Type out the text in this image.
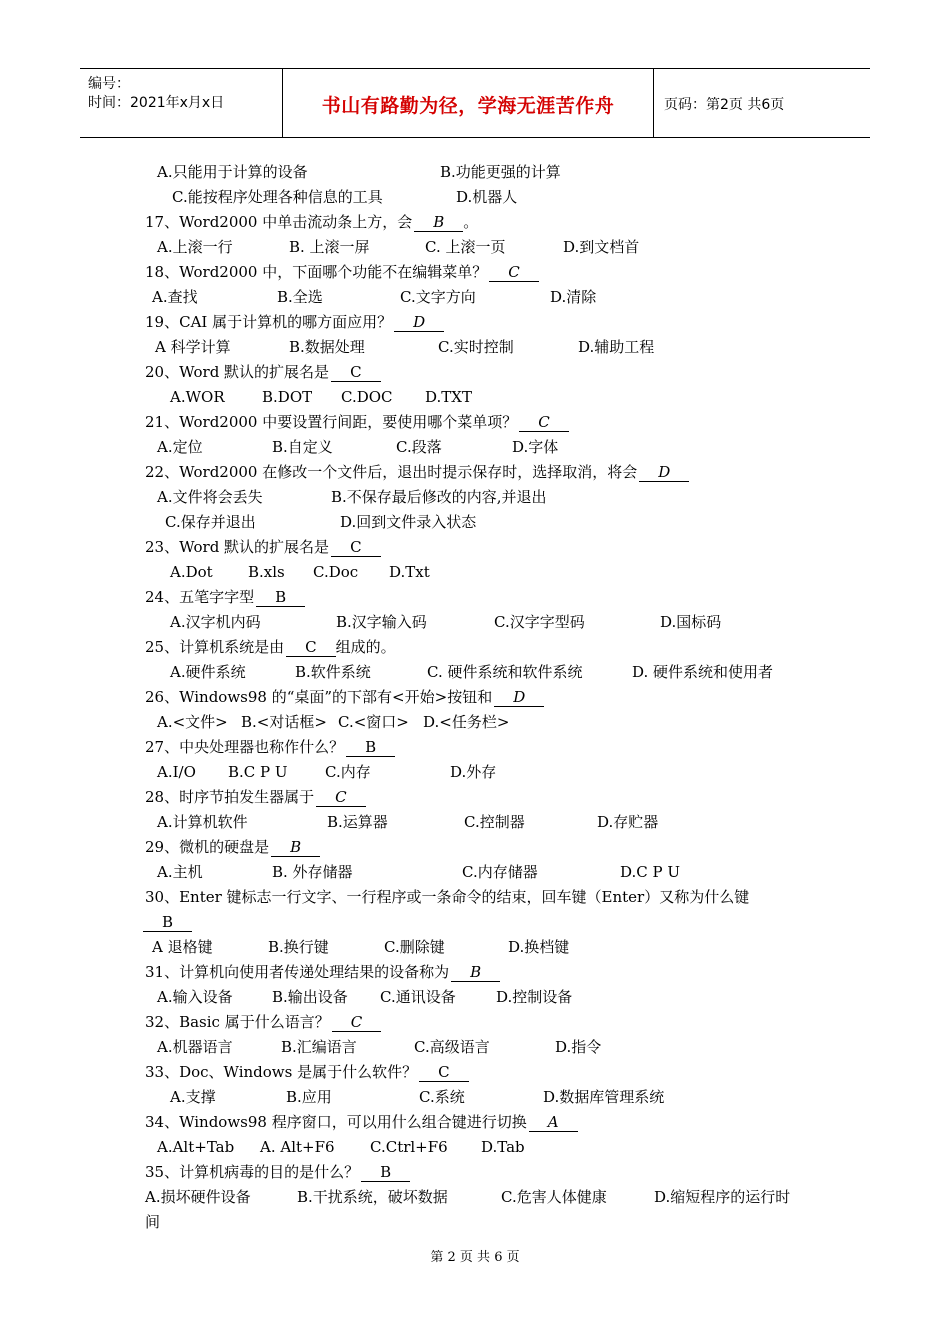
编号：
时间：2021年x月x日	书山有路勤为径，学海无涯苦作舟	页码：第2页 共6页
A.只能用于计算的设备	B.功能更强的计算
C.能按程序处理各种信息的工具	D.机器人
17、Word2000 中单击流动条上方，会  B  。
A.上滚一行	B. 上滚一屏	C. 上滚一页	D.到文档首
18、Word2000 中，下面哪个功能不在编辑菜单？  C  
A.查找	B.全选	C.文字方向	D.清除
19、CAI 属于计算机的哪方面应用？  D  
A 科学计算	B.数据处理	C.实时控制	D.辅助工程
20、Word 默认的扩展名是  C  
A.WOR B.DOT C.DOC D.TXT
21、Word2000 中要设置行间距，要使用哪个菜单项？  C  
A.定位	B.自定义	C.段落	D.字体
22、Word2000 在修改一个文件后，退出时提示保存时，选择取消，将会  D  
A.文件将会丢失	B.不保存最后修改的内容,并退出
C.保存并退出	D.回到文件录入状态
23、Word 默认的扩展名是  C  
A.Dot B.xls C.Doc D.Txt
24、五笔字字型  B  
A.汉字机内码	B.汉字输入码	C.汉字字型码	D.国标码
25、计算机系统是由  C  组成的。
A.硬件系统	B.软件系统	C. 硬件系统和软件系统	D. 硬件系统和使用者
26、Windows98 的“桌面”的下部有<开始>按钮和  D  
A.<文件> B.<对话框> C.<窗口> D.<任务栏>
27、中央处理器也称作什么？  B  
A.I/O B.C P U C.内存	D.外存
28、时序节拍发生器属于  C  
A.计算机软件	B.运算器	C.控制器	D.存贮器
29、微机的硬盘是  B  
A.主机	B. 外存储器	C.内存储器	D.C P U
30、Enter 键标志一行文字、一行程序或一条命令的结束，回车键（Enter）又称为什么键
  B  
A 退格键	B.换行键	C.删除键	D.换档键
31、计算机向使用者传递处理结果的设备称为  B  
A.输入设备	B.输出设备 C.通讯设备	D.控制设备
32、Basic 属于什么语言？  C  
A.机器语言	B.汇编语言	C.高级语言	D.指令
33、Doc、Windows 是属于什么软件？  C  
A.支撑	B.应用	C.系统	D.数据库管理系统
34、Windows98 程序窗口，可以用什么组合键进行切换  A  
A.Alt+Tab A. Alt+F6 C.Ctrl+F6 D.Tab
35、计算机病毒的目的是什么？  B  
A.损坏硬件设备	B.干扰系统，破坏数据	C.危害人体健康	D.缩短程序的运行时
间
第 2 页 共 6 页
